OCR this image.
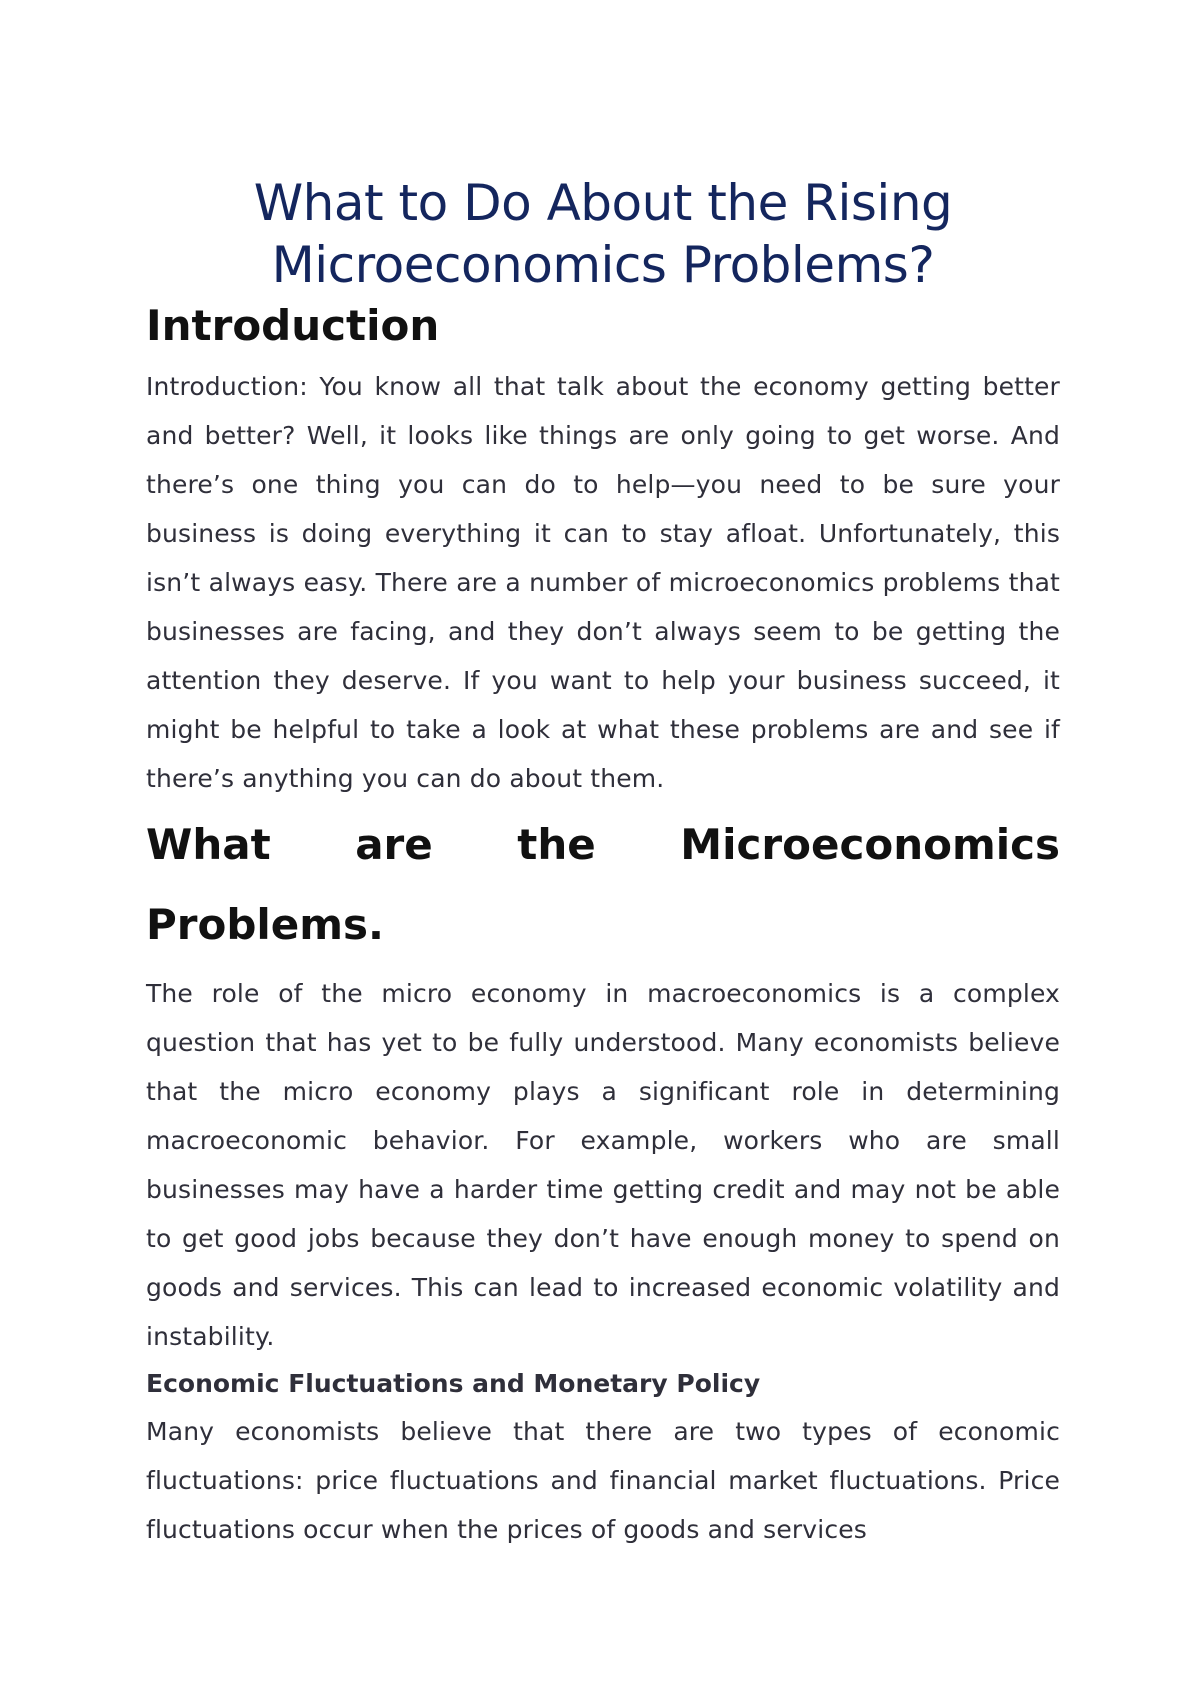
What to Do About the Rising Microeconomics Problems?
Introduction

Introduction: You know all that talk about the economy getting better and better? Well, it looks like things are only going to get worse. And there’s one thing you can do to help—you need to be sure your business is doing everything it can to stay afloat. Unfortunately, this isn’t always easy. There are a number of microeconomics problems that businesses are facing, and they don’t always seem to be getting the attention they deserve. If you want to help your business succeed, it might be helpful to take a look at what these problems are and see if there’s anything you can do about them.

What are the Microeconomics Problems.

The role of the micro economy in macroeconomics is a complex question that has yet to be fully understood. Many economists believe that the micro economy plays a significant role in determining macroeconomic behavior. For example, workers who are small businesses may have a harder time getting credit and may not be able to get good jobs because they don’t have enough money to spend on goods and services. This can lead to increased economic volatility and instability.

Economic Fluctuations and Monetary Policy

Many economists believe that there are two types of economic fluctuations: price fluctuations and financial market fluctuations. Price fluctuations occur when the prices of goods and services
